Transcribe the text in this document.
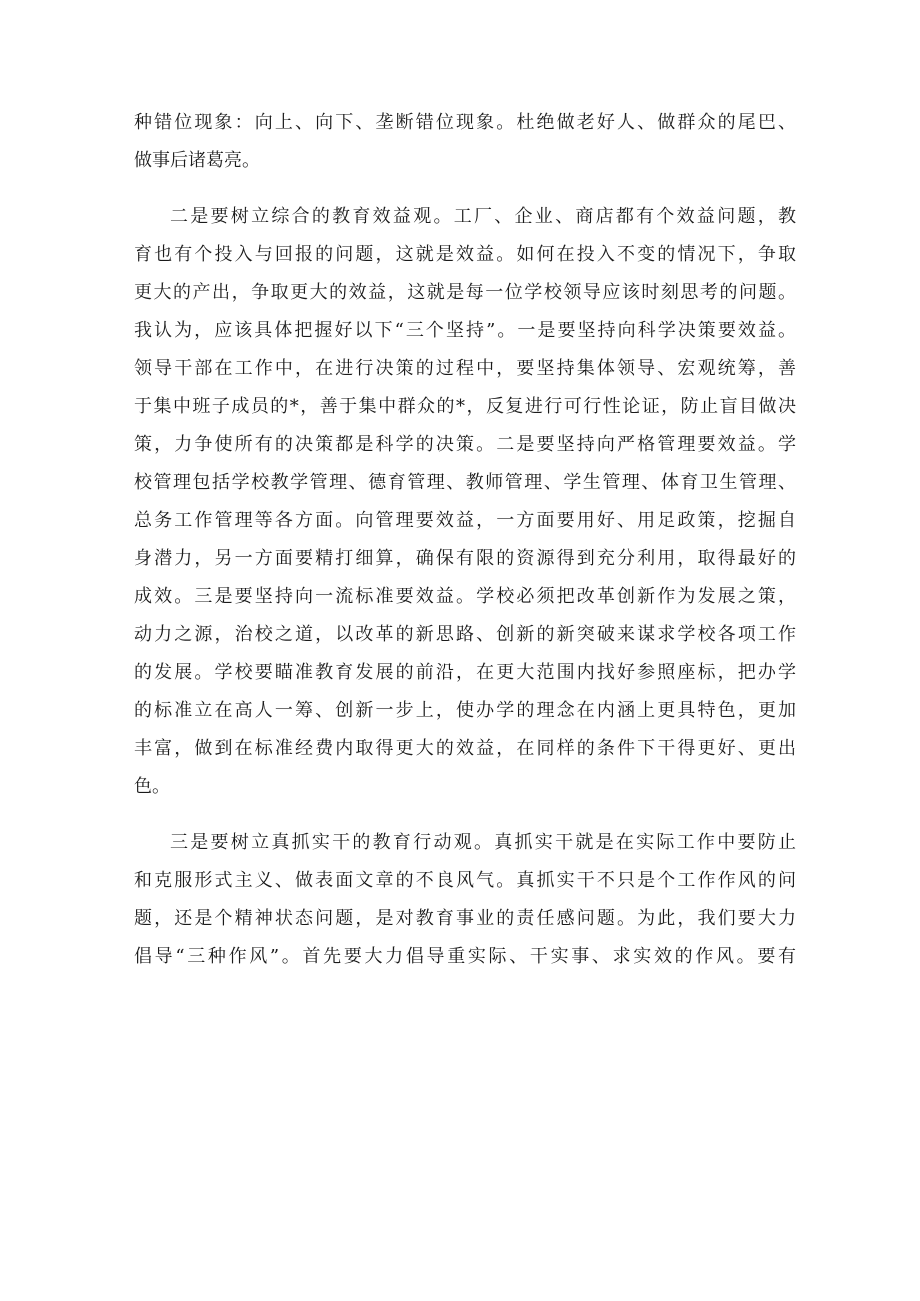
种错位现象：向上、向下、垄断错位现象。杜绝做老好人、做群众的尾巴、
做事后诸葛亮。
二是要树立综合的教育效益观。工厂、企业、商店都有个效益问题，教
育也有个投入与回报的问题，这就是效益。如何在投入不变的情况下，争取
更大的产出，争取更大的效益，这就是每一位学校领导应该时刻思考的问题。
我认为，应该具体把握好以下“三个坚持”。一是要坚持向科学决策要效益。
领导干部在工作中，在进行决策的过程中，要坚持集体领导、宏观统筹，善
于集中班子成员的*，善于集中群众的*，反复进行可行性论证，防止盲目做决
策，力争使所有的决策都是科学的决策。二是要坚持向严格管理要效益。学
校管理包括学校教学管理、德育管理、教师管理、学生管理、体育卫生管理、
总务工作管理等各方面。向管理要效益，一方面要用好、用足政策，挖掘自
身潜力，另一方面要精打细算，确保有限的资源得到充分利用，取得最好的
成效。三是要坚持向一流标准要效益。学校必须把改革创新作为发展之策，
动力之源，治校之道，以改革的新思路、创新的新突破来谋求学校各项工作
的发展。学校要瞄准教育发展的前沿，在更大范围内找好参照座标，把办学
的标准立在高人一筹、创新一步上，使办学的理念在内涵上更具特色，更加
丰富，做到在标准经费内取得更大的效益，在同样的条件下干得更好、更出
色。
三是要树立真抓实干的教育行动观。真抓实干就是在实际工作中要防止
和克服形式主义、做表面文章的不良风气。真抓实干不只是个工作作风的问
题，还是个精神状态问题，是对教育事业的责任感问题。为此，我们要大力
倡导“三种作风”。首先要大力倡导重实际、干实事、求实效的作风。要有
